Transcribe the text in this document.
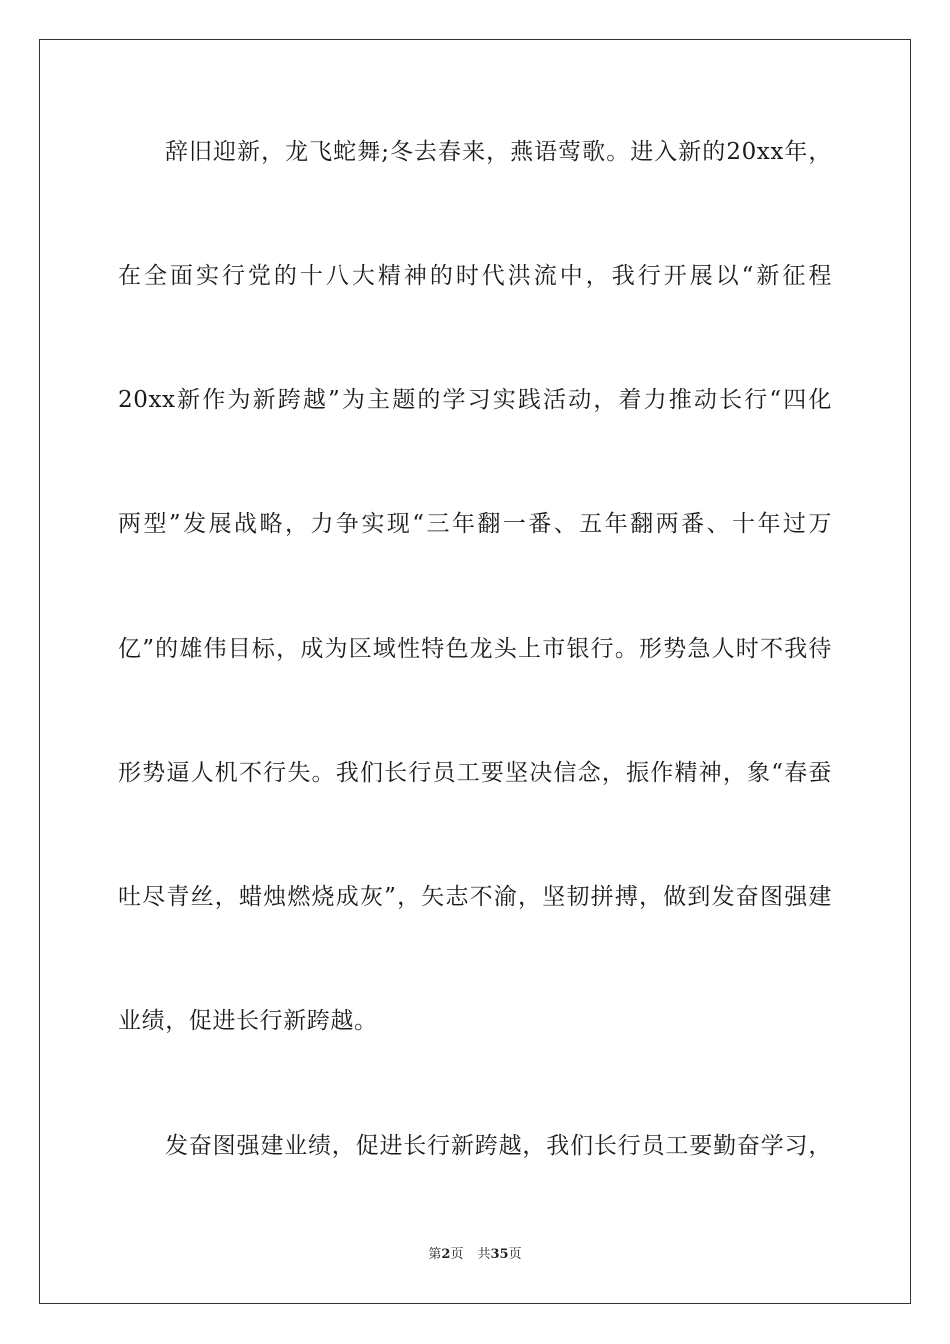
辞旧迎新，龙飞蛇舞;冬去春来，燕语莺歌。进入新的20xx年，
在全面实行党的十八大精神的时代洪流中，我行开展以“新征程
20xx新作为新跨越”为主题的学习实践活动，着力推动长行“四化
两型”发展战略，力争实现“三年翻一番、五年翻两番、十年过万
亿”的雄伟目标，成为区域性特色龙头上市银行。形势急人时不我待
形势逼人机不行失。我们长行员工要坚决信念，振作精神，象“春蚕
吐尽青丝，蜡烛燃烧成灰”，矢志不渝，坚韧拼搏，做到发奋图强建
业绩，促进长行新跨越。
发奋图强建业绩，促进长行新跨越，我们长行员工要勤奋学习，
第2页 共35页
